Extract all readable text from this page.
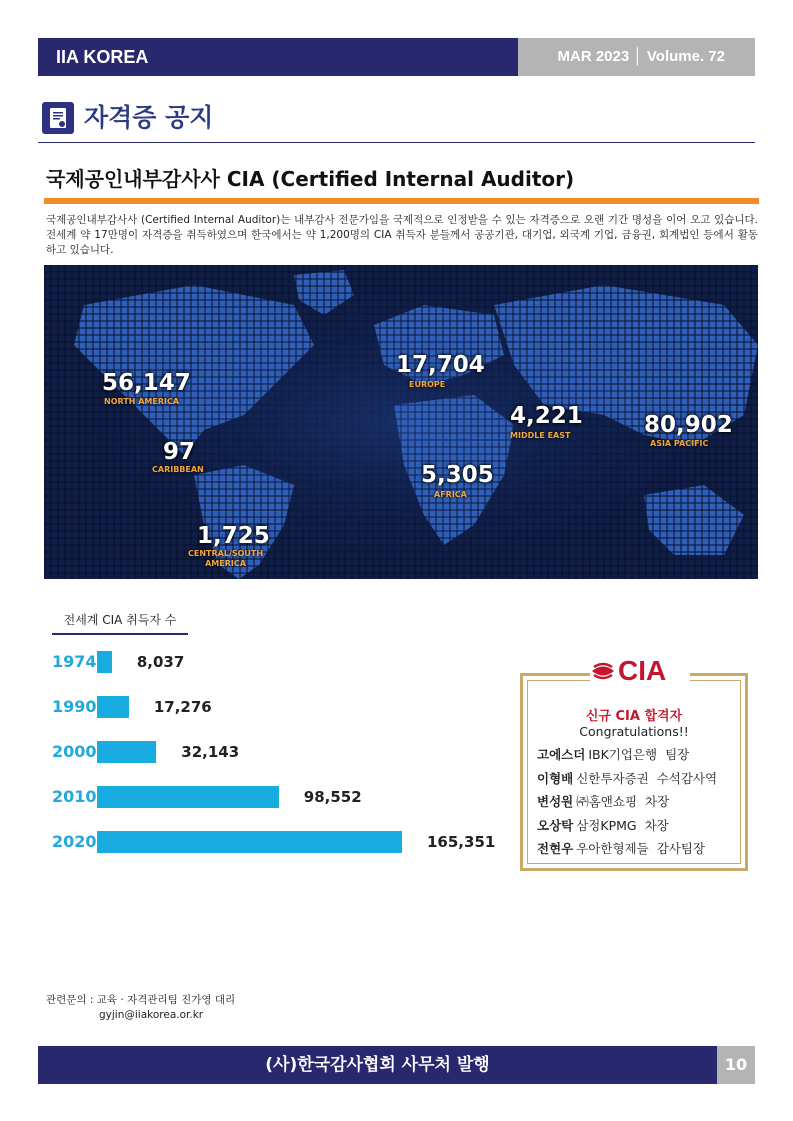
IIA KOREA	MAR 2023 │ Volume. 72
자격증 공지
국제공인내부감사사 CIA (Certified Internal Auditor)
국제공인내부감사사 (Certified Internal Auditor)는 내부감사 전문가임을 국제적으로 인정받을 수 있는 자격증으로 오랜 기간 명성을 이어 오고 있습니다. 전세계 약 17만명이 자격증을 취득하였으며 한국에서는 약 1,200명의 CIA 취득자 분들께서 공공기관, 대기업, 외국계 기업, 금융권, 회계법인 등에서 활동하고 있습니다.
56,147
NORTH AMERICA
97
CARIBBEAN
1,725
CENTRAL/SOUTH AMERICA
17,704
EUROPE
5,305
AFRICA
4,221
MIDDLE EAST	80,902
ASIA PACIFIC
전세계 CIA 취득자 수
1974	8,037
1990	17,276
2000	32,143
2010	98,552
2020	165,351
CIA
신규 CIA 합격자
Congratulations!!
고에스더 IBK기업은행 팀장
이형배 신한투자증권 수석감사역
변성원 ㈜홈앤쇼핑 차장
오상탁 삼정KPMG 차장
전현우 우아한형제들 감사팀장
관련문의 : 교육 · 자격관리팀 진가영 대리
gyjin@iiakorea.or.kr
(사)한국감사협회 사무처 발행	10
